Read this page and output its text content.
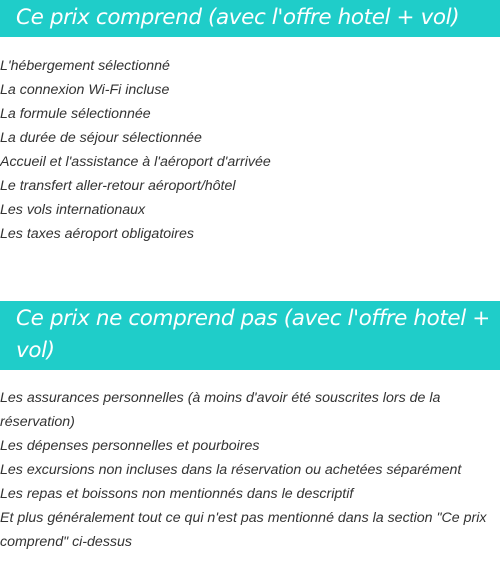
Ce prix comprend (avec l'offre hotel + vol)
L'hébergement sélectionné
La connexion Wi-Fi incluse
La formule sélectionnée
La durée de séjour sélectionnée
Accueil et l'assistance à l'aéroport d'arrivée
Le transfert aller-retour aéroport/hôtel
Les vols internationaux
Les taxes aéroport obligatoires
Ce prix ne comprend pas (avec l'offre hotel + vol)
Les assurances personnelles (à moins d'avoir été souscrites lors de la réservation)
Les dépenses personnelles et pourboires
Les excursions non incluses dans la réservation ou achetées séparément
Les repas et boissons non mentionnés dans le descriptif
Et plus généralement tout ce qui n'est pas mentionné dans la section "Ce prix comprend" ci-dessus
